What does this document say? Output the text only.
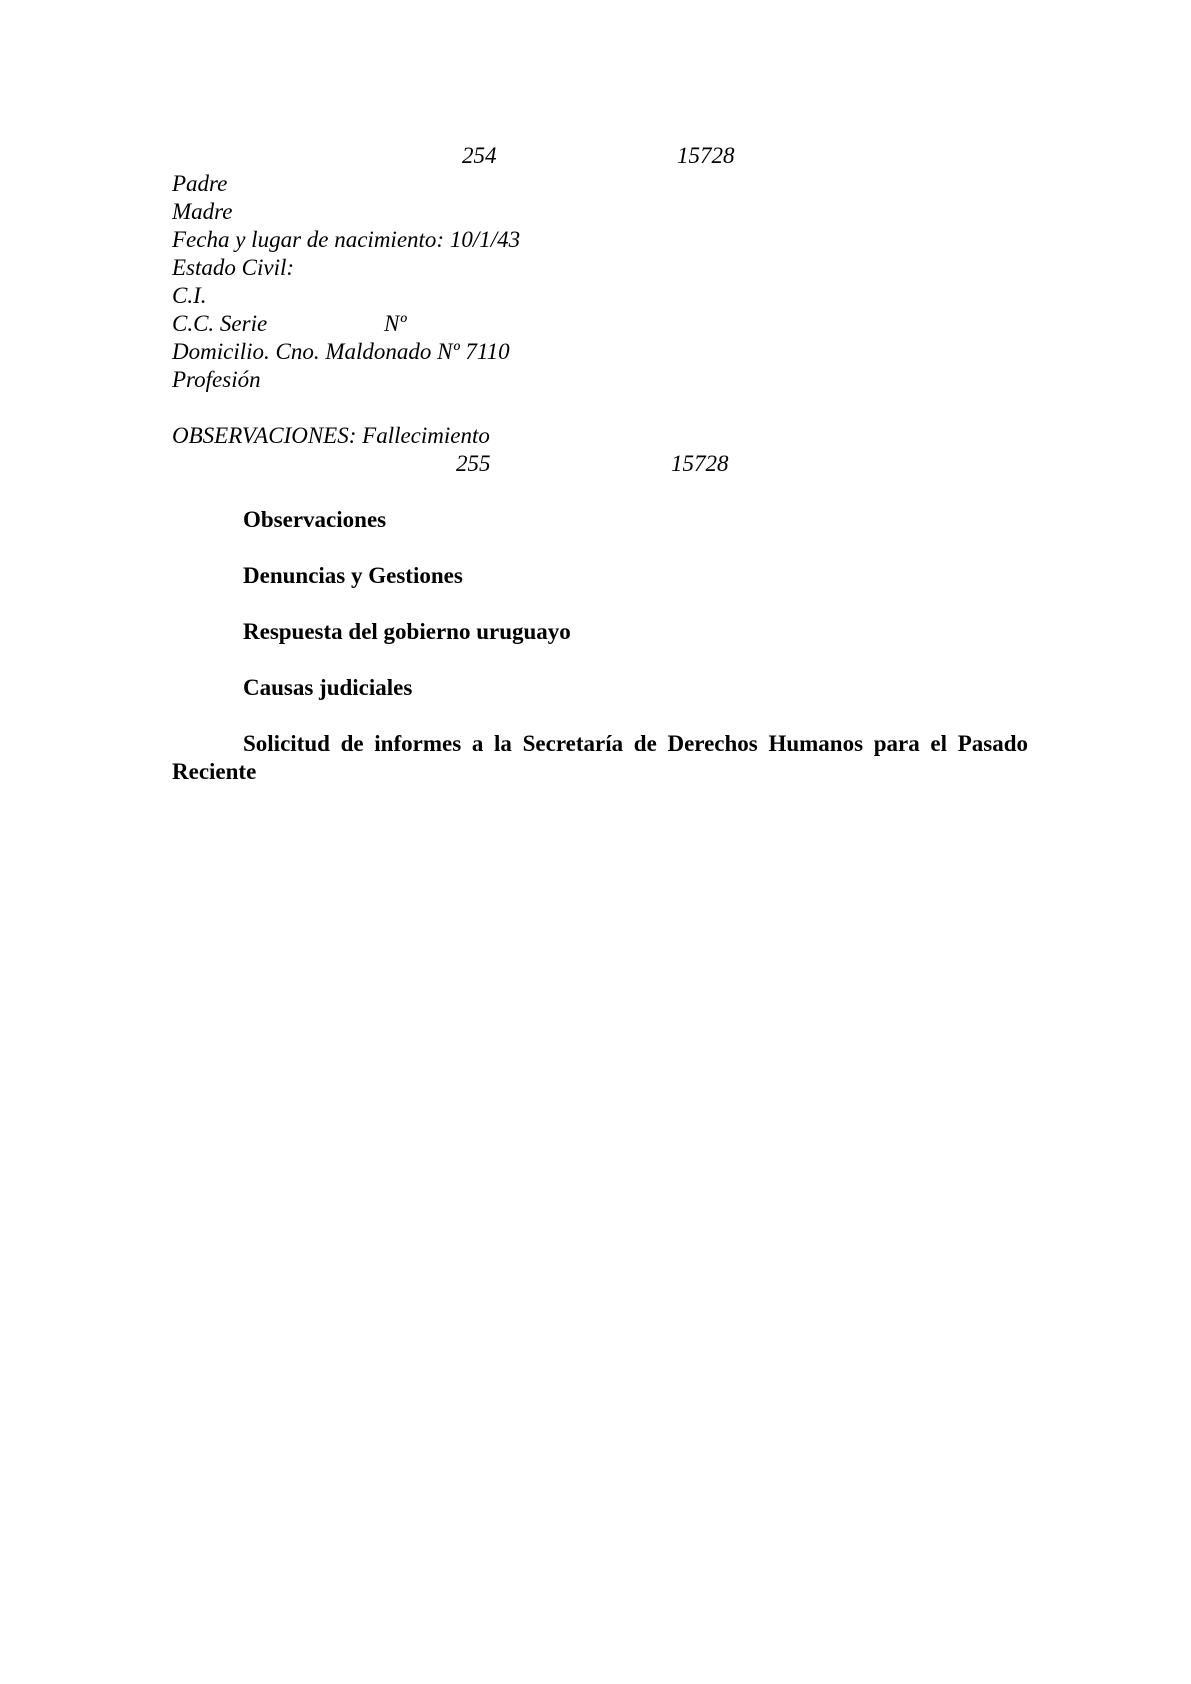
254	15728
Padre
Madre
Fecha y lugar de nacimiento: 10/1/43
Estado Civil:
C.I.
C.C. Serie	Nº
Domicilio. Cno. Maldonado Nº 7110
Profesión
OBSERVACIONES: Fallecimiento
255	15728
Observaciones
Denuncias y Gestiones
Respuesta del gobierno uruguayo
Causas judiciales
Solicitud de informes a la Secretaría de Derechos Humanos para el Pasado Reciente
